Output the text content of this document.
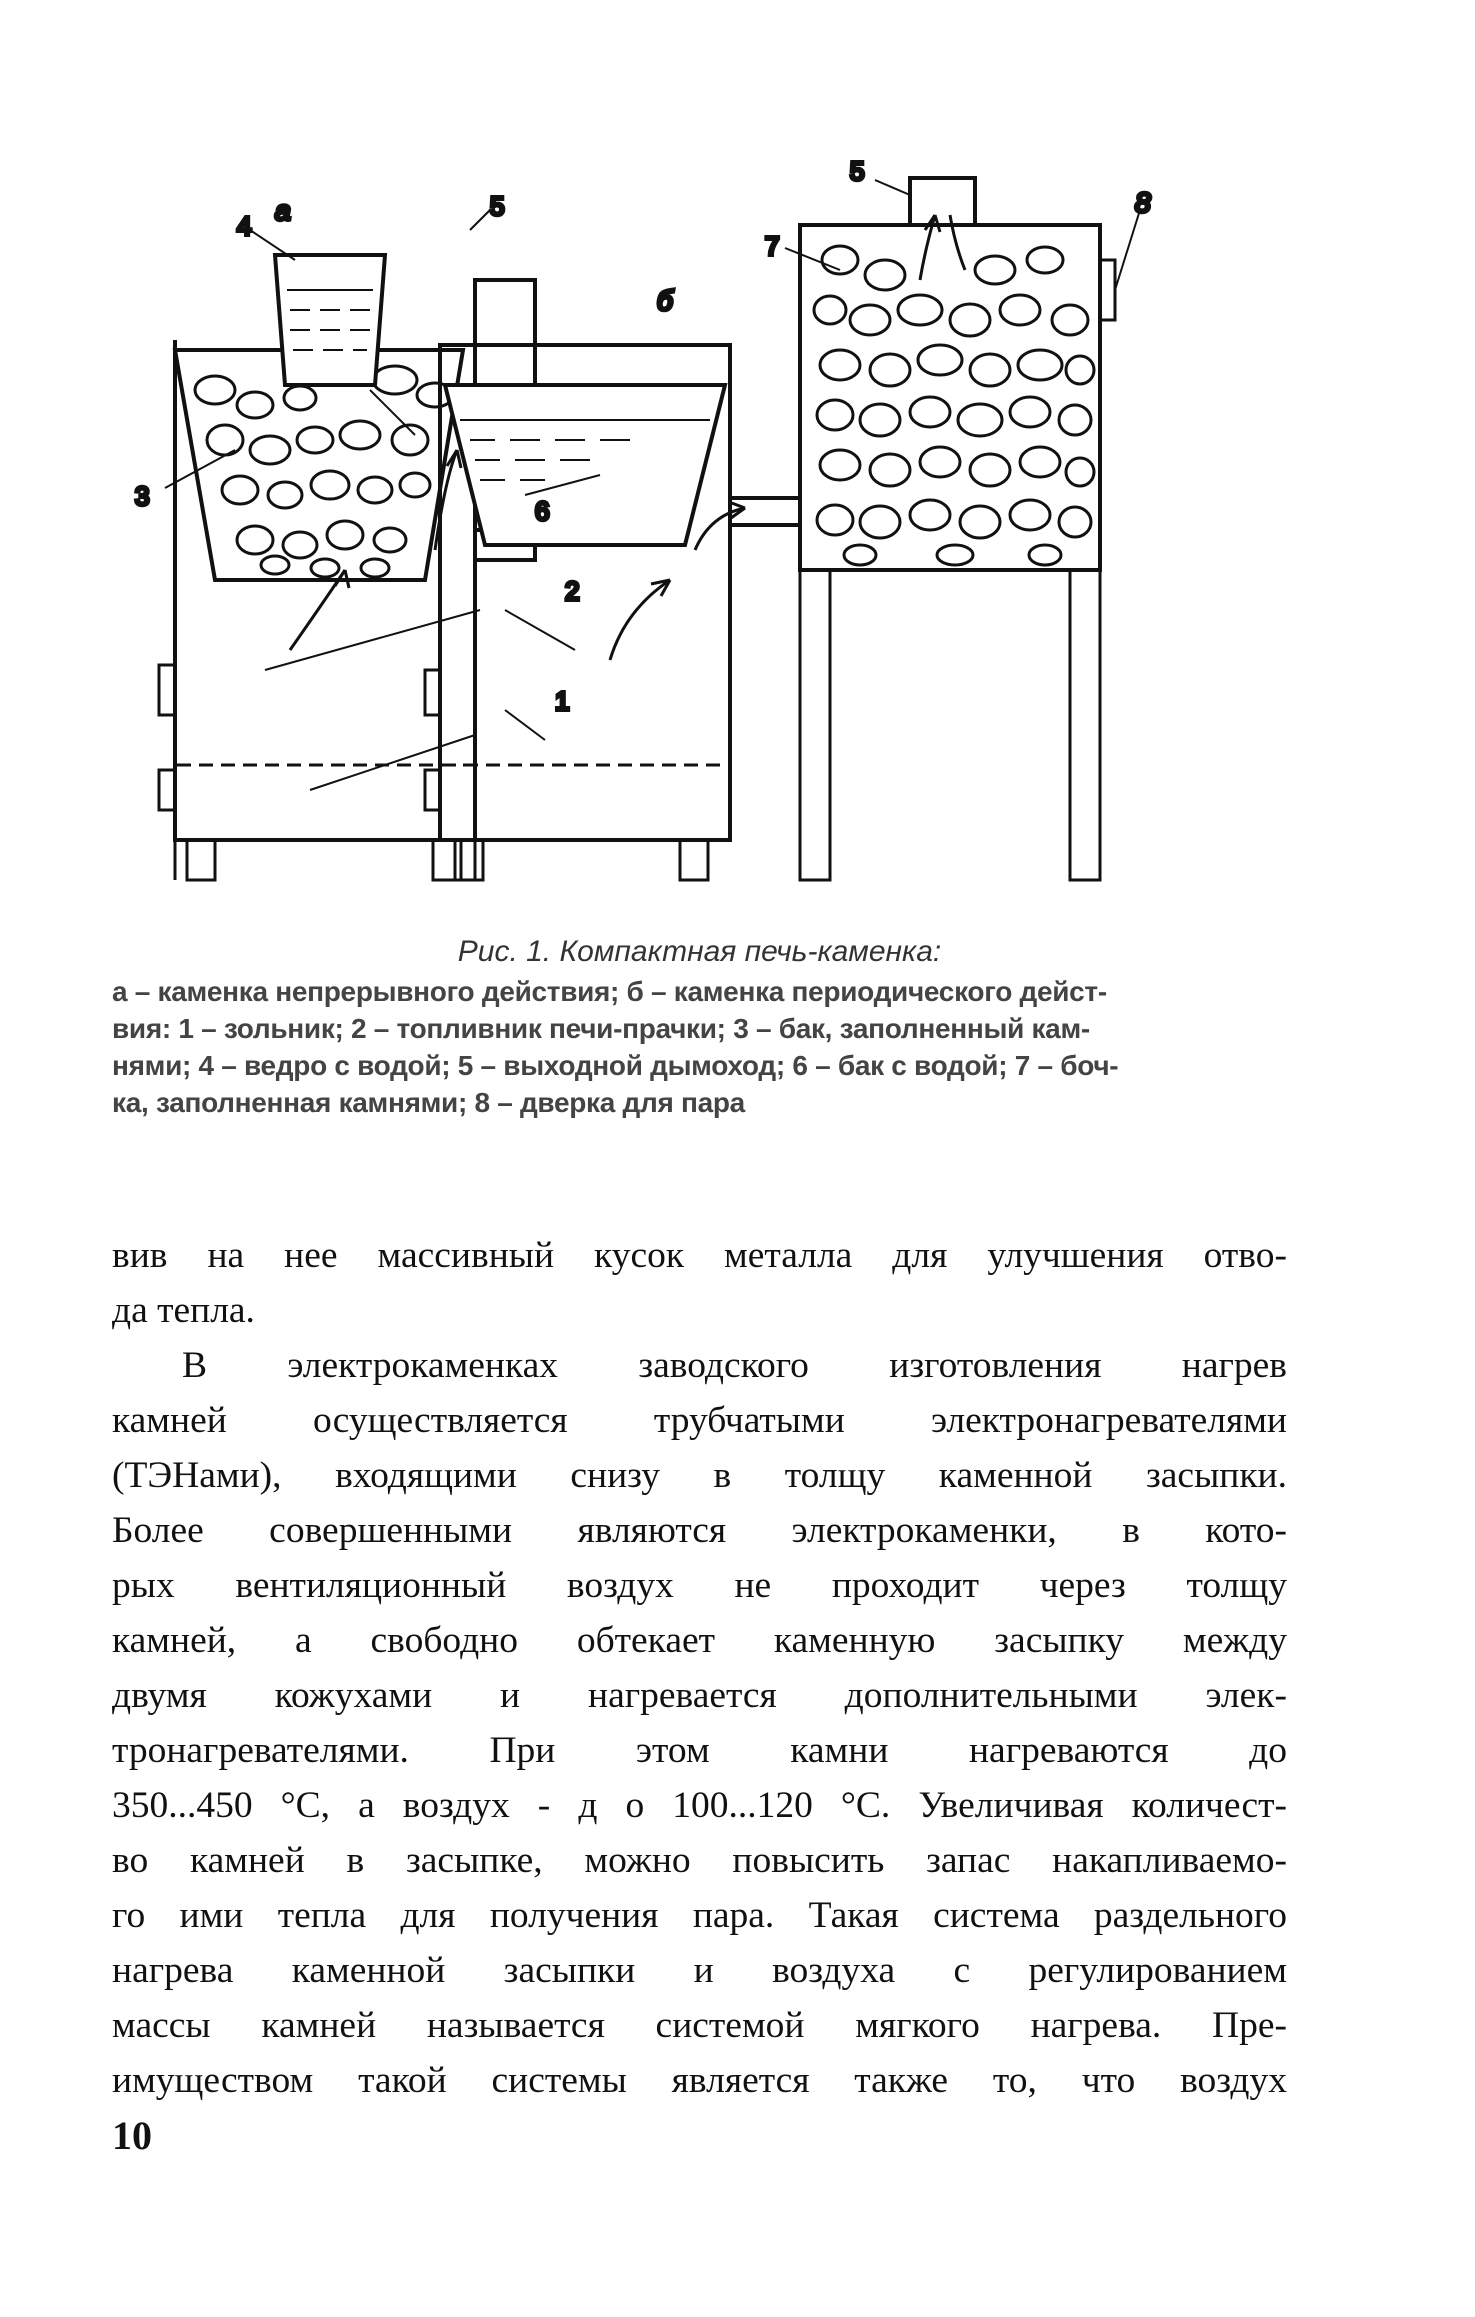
а
б
4
3
5
6
2
1
5
7
8
Рис. 1. Компактная печь-каменка:
а – каменка непрерывного действия; б – каменка периодического дейст-
вия: 1 – зольник; 2 – топливник печи-прачки; 3 – бак, заполненный кам-
нями; 4 – ведро с водой; 5 – выходной дымоход; 6 – бак с водой; 7 – боч-
ка, заполненная камнями; 8 – дверка для пара
вив на нее массивный кусок металла для улучшения отво-
да тепла.
В электрокаменках заводского изготовления нагрев
камней осуществляется трубчатыми электронагревателями
(ТЭНами), входящими снизу в толщу каменной засыпки.
Более совершенными являются электрокаменки, в кото-
рых вентиляционный воздух не проходит через толщу
камней, а свободно обтекает каменную засыпку между
двумя кожухами и нагревается дополнительными элек-
тронагревателями. При этом камни нагреваются до
350...450 °С, а воздух - д о 100...120 °С. Увеличивая количест-
во камней в засыпке, можно повысить запас накапливаемо-
го ими тепла для получения пара. Такая система раздельного
нагрева каменной засыпки и воздуха с регулированием
массы камней называется системой мягкого нагрева. Пре-
имуществом такой системы является также то, что воздух
10
